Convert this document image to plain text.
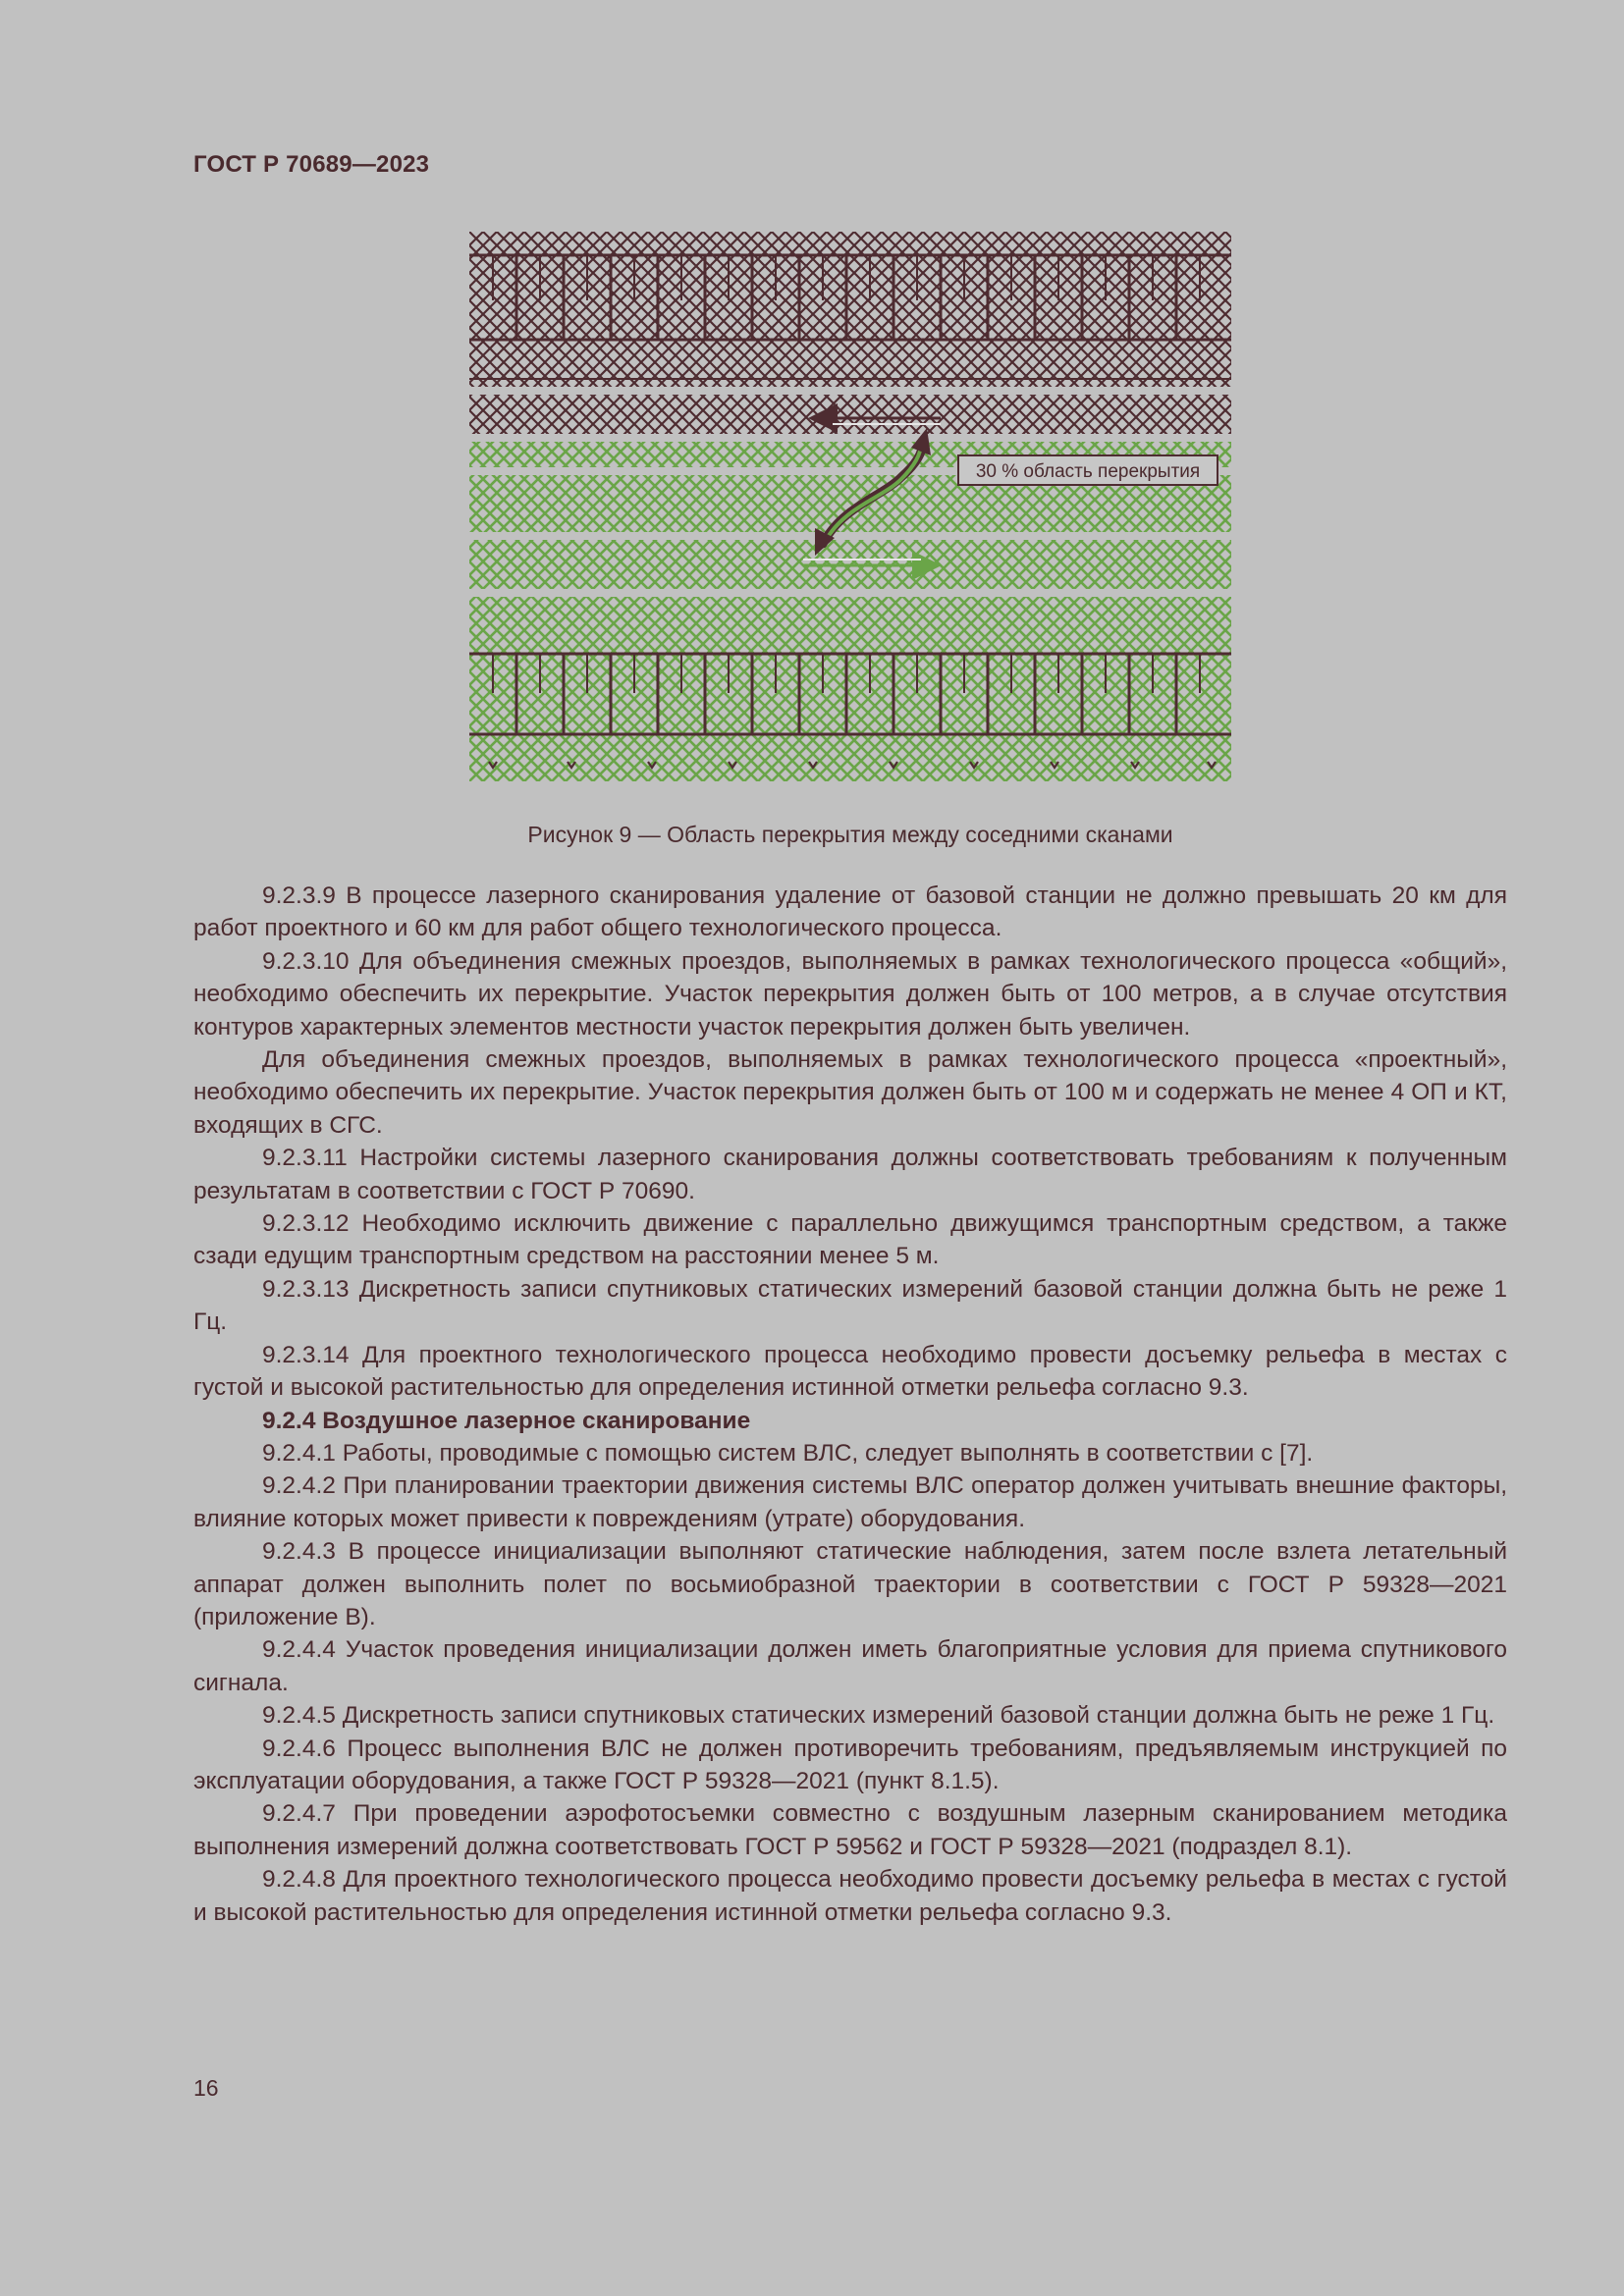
ГОСТ Р 70689—2023
30 % область перекрытия
Рисунок 9 — Область перекрытия между соседними сканами

9.2.3.9 В процессе лазерного сканирования удаление от базовой станции не должно превышать 20 км для работ проектного и 60 км для работ общего технологического процесса.

9.2.3.10 Для объединения смежных проездов, выполняемых в рамках технологического процесса «общий», необходимо обеспечить их перекрытие. Участок перекрытия должен быть от 100 метров, а в случае отсутствия контуров характерных элементов местности участок перекрытия должен быть увеличен.

Для объединения смежных проездов, выполняемых в рамках технологического процесса «проектный», необходимо обеспечить их перекрытие. Участок перекрытия должен быть от 100 м и содержать не менее 4 ОП и КТ, входящих в СГС.

9.2.3.11 Настройки системы лазерного сканирования должны соответствовать требованиям к полученным результатам в соответствии с ГОСТ Р 70690.

9.2.3.12 Необходимо исключить движение с параллельно движущимся транспортным средством, а также сзади едущим транспортным средством на расстоянии менее 5 м.

9.2.3.13 Дискретность записи спутниковых статических измерений базовой станции должна быть не реже 1 Гц.

9.2.3.14 Для проектного технологического процесса необходимо провести досъемку рельефа в местах с густой и высокой растительностью для определения истинной отметки рельефа согласно 9.3.

9.2.4 Воздушное лазерное сканирование

9.2.4.1 Работы, проводимые с помощью систем ВЛС, следует выполнять в соответствии с [7].

9.2.4.2 При планировании траектории движения системы ВЛС оператор должен учитывать внешние факторы, влияние которых может привести к повреждениям (утрате) оборудования.

9.2.4.3 В процессе инициализации выполняют статические наблюдения, затем после взлета летательный аппарат должен выполнить полет по восьмиобразной траектории в соответствии с ГОСТ Р 59328—2021 (приложение В).

9.2.4.4 Участок проведения инициализации должен иметь благоприятные условия для приема спутникового сигнала.

9.2.4.5 Дискретность записи спутниковых статических измерений базовой станции должна быть не реже 1 Гц.

9.2.4.6 Процесс выполнения ВЛС не должен противоречить требованиям, предъявляемым инструкцией по эксплуатации оборудования, а также ГОСТ Р 59328—2021 (пункт 8.1.5).

9.2.4.7 При проведении аэрофотосъемки совместно с воздушным лазерным сканированием методика выполнения измерений должна соответствовать ГОСТ Р 59562 и ГОСТ Р 59328—2021 (подраздел 8.1).

9.2.4.8 Для проектного технологического процесса необходимо провести досъемку рельефа в местах с густой и высокой растительностью для определения истинной отметки рельефа согласно 9.3.

16
